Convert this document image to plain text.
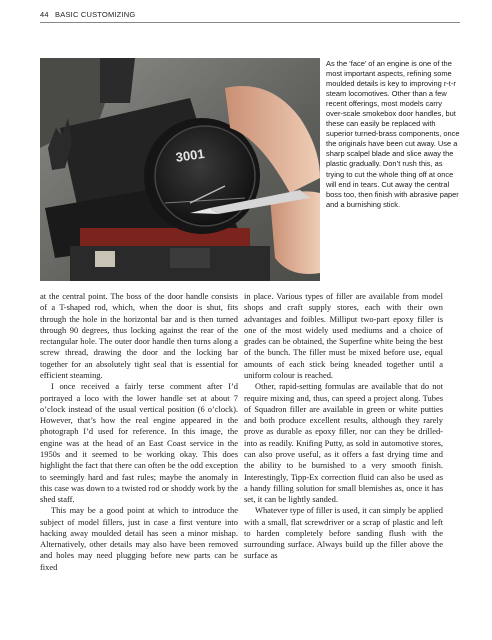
44 BASIC CUSTOMIZING
3001
As the ‘face’ of an engine is one of the most important aspects, refining some moulded details is key to improving r-t-r steam locomotives. Other than a few recent offerings, most models carry over-scale smokebox door handles, but these can easily be replaced with superior turned-brass components, once the originals have been cut away. Use a sharp scalpel blade and slice away the plastic gradually. Don’t rush this, as trying to cut the whole thing off at once will end in tears. Cut away the central boss too, then finish with abrasive paper and a burnishing stick.

at the central point. The boss of the door handle consists of a T-shaped rod, which, when the door is shut, fits through the hole in the horizontal bar and is then turned through 90 degrees, thus locking against the rear of the rectangular hole. The outer door handle then turns along a screw thread, drawing the door and the locking bar together for an absolutely tight seal that is essential for efficient steaming.

I once received a fairly terse comment after I’d portrayed a loco with the lower handle set at about 7 o’clock instead of the usual vertical position (6 o’clock). However, that’s how the real engine appeared in the photograph I’d used for reference. In this image, the engine was at the head of an East Coast service in the 1950s and it seemed to be working okay. This does highlight the fact that there can often be the odd exception to seemingly hard and fast rules; maybe the anomaly in this case was down to a twisted rod or shoddy work by the shed staff.

This may be a good point at which to introduce the subject of model fillers, just in case a first venture into hacking away moulded detail has seen a minor mishap. Alternatively, other details may also have been removed and holes may need plugging before new parts can be fixed

in place. Various types of filler are available from model shops and craft supply stores, each with their own advantages and foibles. Milliput two-part epoxy filler is one of the most widely used mediums and a choice of grades can be obtained, the Superfine white being the best of the bunch. The filler must be mixed before use, equal amounts of each stick being kneaded together until a uniform colour is reached.

Other, rapid-setting formulas are available that do not require mixing and, thus, can speed a project along. Tubes of Squadron filler are available in green or white putties and both produce excellent results, although they rarely prove as durable as epoxy filler, nor can they be drilled-into as readily. Knifing Putty, as sold in automotive stores, can also prove useful, as it offers a fast drying time and the ability to be burnished to a very smooth finish. Interestingly, Tipp-Ex correction fluid can also be used as a handy filling solution for small blemishes as, once it has set, it can be lightly sanded.

Whatever type of filler is used, it can simply be applied with a small, flat screwdriver or a scrap of plastic and left to harden completely before sanding flush with the surrounding surface. Always build up the filler above the surface as
